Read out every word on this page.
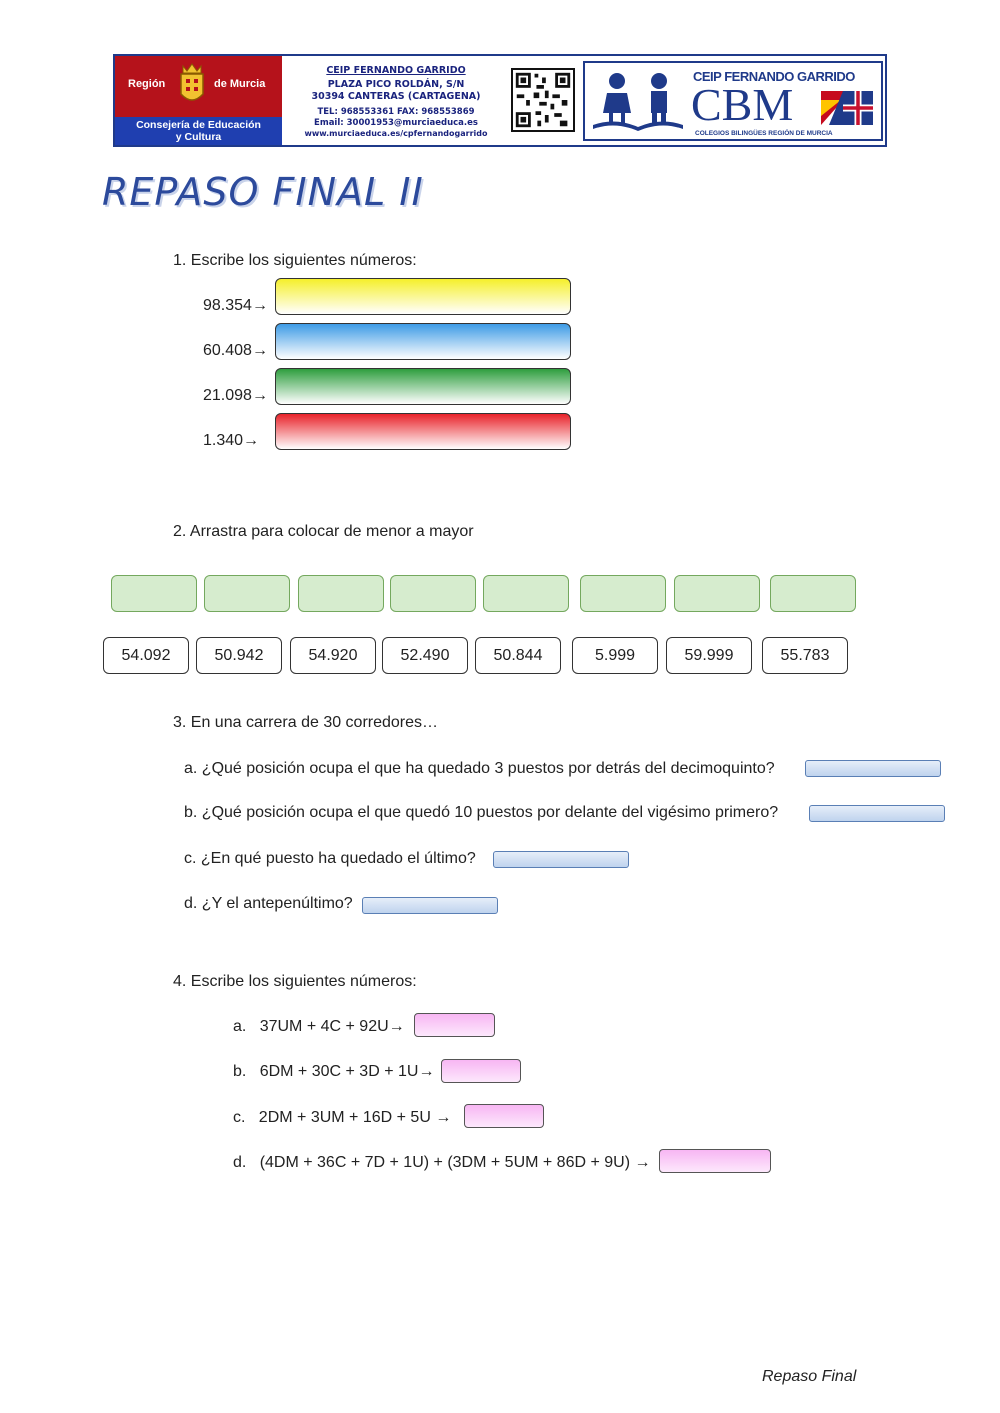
Región	de Murcia
Consejería de Educación
y Cultura
CEIP FERNANDO GARRIDO
PLAZA PICO ROLDÁN, S/N
30394 CANTERAS (CARTAGENA)
TEL: 968553361 FAX: 968553869
Email: 30001953@murciaeduca.es
www.murciaeduca.es/cpfernandogarrido
CEIP FERNANDO GARRIDO
CBM
COLEGIOS BILINGÜES REGIÓN DE MURCIA
REPASO FINAL II
1. Escribe los siguientes números:
98.354→
60.408→
21.098→
1.340→
2. Arrastra para colocar de menor a mayor
54.092	50.942	54.920	52.490	50.844	5.999	59.999	55.783
3. En una carrera de 30 corredores…
a. ¿Qué posición ocupa el que ha quedado 3 puestos por detrás del decimoquinto?
b. ¿Qué posición ocupa el que quedó 10 puestos por delante del vigésimo primero?
c. ¿En qué puesto ha quedado el último?
d. ¿Y el antepenúltimo?
4. Escribe los siguientes números:
a. 37UM + 4C + 92U→
b. 6DM + 30C + 3D + 1U→
c. 2DM + 3UM + 16D + 5U →
d. (4DM + 36C + 7D + 1U) + (3DM + 5UM + 86D + 9U) →
Repaso Final
